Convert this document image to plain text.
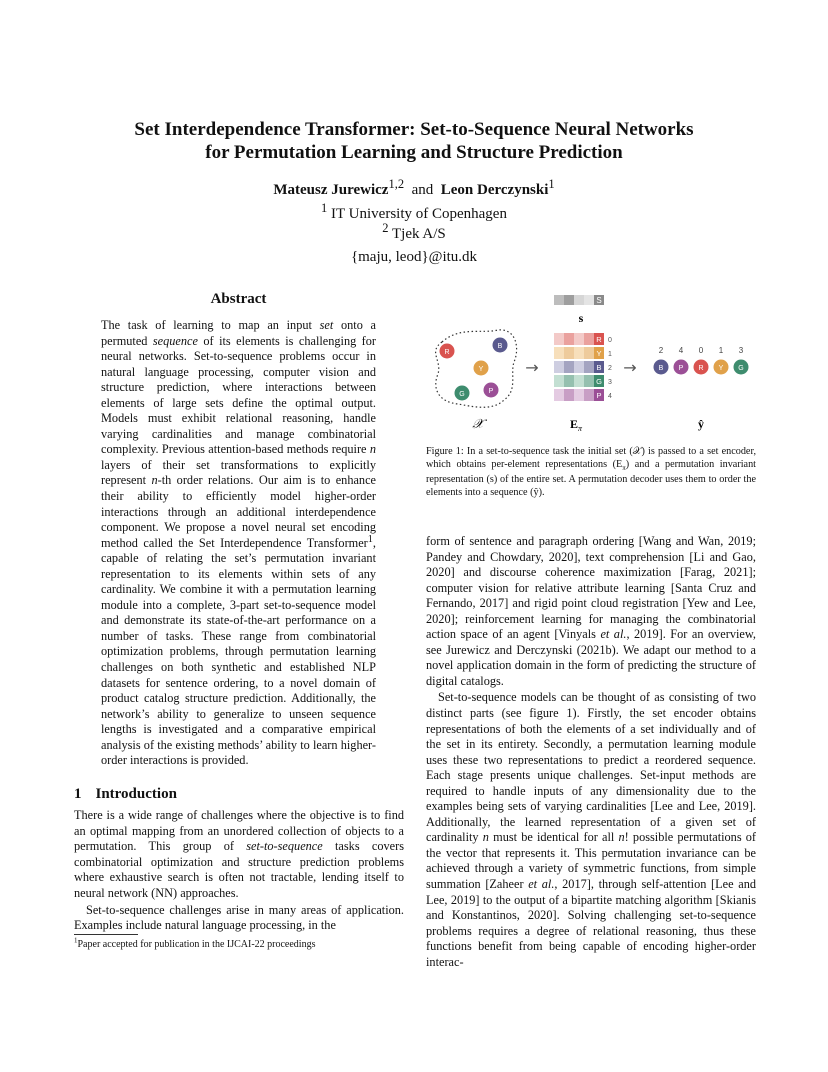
Set Interdependence Transformer: Set-to-Sequence Neural Networks
for Permutation Learning and Structure Prediction
Mateusz Jurewicz$^{1,2}$ and Leon Derczynski$^1$
$^1$ IT University of Copenhagen
$^2$ Tjek A/S
{maju, leod}@itu.dk
Abstract
The task of learning to map an input set onto a permuted sequence of its elements is challenging for neural networks. Set-to-sequence problems occur in natural language processing, computer vision and structure prediction, where interactions between elements of large sets define the optimal output. Models must exhibit relational reasoning, handle varying cardinalities and manage combinatorial complexity. Previous attention-based methods require n layers of their set transformations to explicitly represent n-th order relations. Our aim is to enhance their ability to efficiently model higher-order interactions through an additional interdependence component. We propose a novel neural set encoding method called the Set Interdependence Transformer$^1$, capable of relating the set’s permutation invariant representation to its elements within sets of any cardinality. We combine it with a permutation learning module into a complete, 3-part set-to-sequence model and demonstrate its state-of-the-art performance on a number of tasks. These range from combinatorial optimization problems, through permutation learning challenges on both synthetic and established NLP datasets for sentence ordering, to a novel domain of product catalog structure prediction. Additionally, the network’s ability to generalize to unseen sequence lengths is investigated and a comparative empirical analysis of the existing methods’ ability to learn higher-order interactions is provided.
1 Introduction

There is a wide range of challenges where the objective is to find an optimal mapping from an unordered collection of objects to a permutation. This group of set-to-sequence tasks covers combinatorial optimization and structure prediction problems where exhaustive search is often not tractable, lending itself to neural network (NN) approaches.

Set-to-sequence challenges arise in many areas of application. Examples include natural language processing, in the

$^1$Paper accepted for publication in the IJCAI-22 proceedings
S
s
R
B
Y
G	P
𝒳
→
R 0
Y 1
B 2
G 3
P 4
$E_\pi$
→
2 4 0 1 3
B P R Y G
ŷ
Figure 1: In a set-to-sequence task the initial set (𝒳) is passed to a set encoder, which obtains per-element representations $(E_\pi)$ and a permutation invariant representation (s) of the entire set. A permutation decoder uses them to order the elements into a sequence (ŷ).

form of sentence and paragraph ordering [Wang and Wan, 2019; Pandey and Chowdary, 2020], text comprehension [Li and Gao, 2020] and discourse coherence maximization [Farag, 2021]; computer vision for relative attribute learning [Santa Cruz and Fernando, 2017] and rigid point cloud registration [Yew and Lee, 2020]; reinforcement learning for managing the combinatorial action space of an agent [Vinyals et al., 2019]. For an overview, see Jurewicz and Derczynski (2021b). We adapt our method to a novel application domain in the form of predicting the structure of digital catalogs.

Set-to-sequence models can be thought of as consisting of two distinct parts (see figure 1). Firstly, the set encoder obtains representations of both the elements of a set individually and of the set in its entirety. Secondly, a permutation learning module uses these two representations to predict a reordered sequence. Each stage presents unique challenges. Set-input methods are required to handle inputs of any dimensionality due to the examples being sets of varying cardinalities [Lee and Lee, 2019]. Additionally, the learned representation of a given set of cardinality n must be identical for all n! possible permutations of the vector that represents it. This permutation invariance can be achieved through a variety of symmetric functions, from simple summation [Zaheer et al., 2017], through self-attention [Lee and Lee, 2019] to the output of a bipartite matching algorithm [Skianis and Konstantinos, 2020]. Solving challenging set-to-sequence problems requires a degree of relational reasoning, thus these functions benefit from being capable of encoding higher-order interac-
